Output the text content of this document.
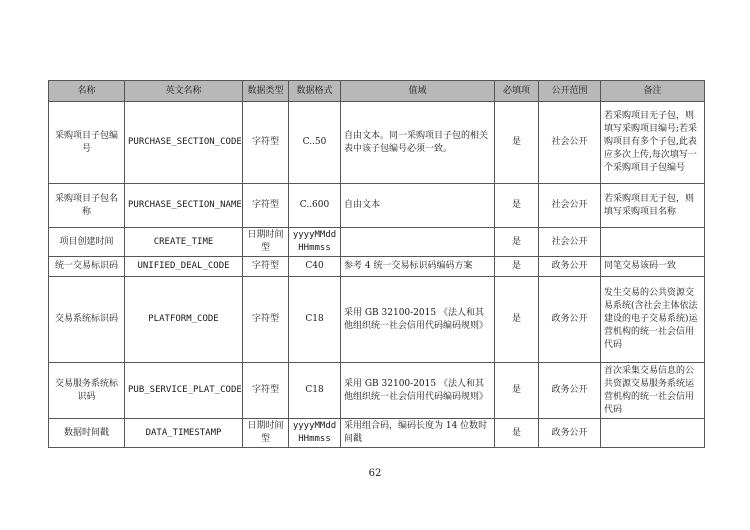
名称	英文名称	数据类型	数据格式	值域	必填项	公开范围	备注
采购项目子包编号	PURCHASE_SECTION_CODE	字符型	C..50	自由文本。同一采购项目子包的相关表中该子包编号必须一致。	是	社会公开	若采购项目无子包，则填写采购项目编号;若采购项目有多个子包,此表应多次上传,每次填写一个采购项目子包编号
采购项目子包名称	PURCHASE_SECTION_NAME	字符型	C..600	自由文本	是	社会公开	若采购项目无子包，则填写采购项目名称
项目创建时间	CREATE_TIME	日期时间型	yyyyMMddHHmmss		是	社会公开	
统一交易标识码	UNIFIED_DEAL_CODE	字符型	C40	参考 4 统一交易标识码编码方案	是	政务公开	同笔交易该码一致
交易系统标识码	PLATFORM_CODE	字符型	C18	采用 GB 32100-2015 《法人和其他组织统一社会信用代码编码规则》	是	政务公开	发生交易的公共资源交易系统(含社会主体依法建设的电子交易系统)运营机构的统一社会信用代码
交易服务系统标识码	PUB_SERVICE_PLAT_CODE	字符型	C18	采用 GB 32100-2015 《法人和其他组织统一社会信用代码编码规则》	是	政务公开	首次采集交易信息的公共资源交易服务系统运营机构的统一社会信用代码
数据时间戳	DATA_TIMESTAMP	日期时间型	yyyyMMddHHmmss	采用组合码，编码长度为 14 位数时间戳	是	政务公开	
62
